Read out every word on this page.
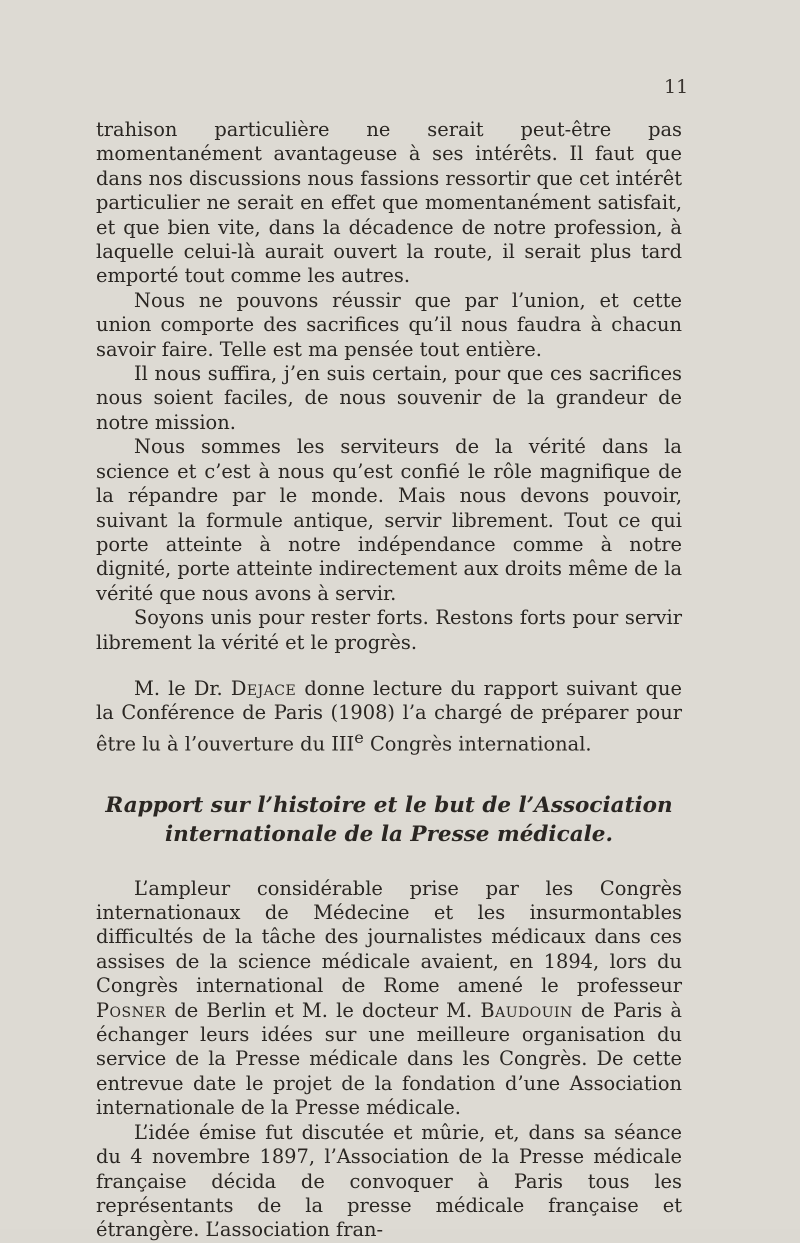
11

trahison particulière ne serait peut-être pas momentanément avantageuse à ses intérêts. Il faut que dans nos discussions nous fassions ressortir que cet intérêt particulier ne serait en effet que momentanément satisfait, et que bien vite, dans la décadence de notre profession, à laquelle celui-là aurait ouvert la route, il serait plus tard emporté tout comme les autres.

Nous ne pouvons réussir que par l’union, et cette union comporte des sacrifices qu’il nous faudra à chacun savoir faire. Telle est ma pensée tout entière.

Il nous suffira, j’en suis certain, pour que ces sacrifices nous soient faciles, de nous souvenir de la grandeur de notre mission.

Nous sommes les serviteurs de la vérité dans la science et c’est à nous qu’est confié le rôle magnifique de la répandre par le monde. Mais nous devons pouvoir, suivant la formule antique, servir librement. Tout ce qui porte atteinte à notre indépendance comme à notre dignité, porte atteinte indirectement aux droits même de la vérité que nous avons à servir.

Soyons unis pour rester forts. Restons forts pour servir librement la vérité et le progrès.

M. le Dr. Dejace donne lecture du rapport suivant que la Conférence de Paris (1908) l’a chargé de préparer pour être lu à l’ouverture du IIIe Congrès international.

Rapport sur l’histoire et le but de l’Association internationale de la Presse médicale.

L’ampleur considérable prise par les Congrès internationaux de Médecine et les insurmontables difficultés de la tâche des journalistes médicaux dans ces assises de la science médicale avaient, en 1894, lors du Congrès international de Rome amené le professeur Posner de Berlin et M. le docteur M. Baudouin de Paris à échanger leurs idées sur une meilleure organisation du service de la Presse médicale dans les Congrès. De cette entrevue date le projet de la fondation d’une Association internationale de la Presse médicale.

L’idée émise fut discutée et mûrie, et, dans sa séance du 4 novembre 1897, l’Association de la Presse médicale française décida de convoquer à Paris tous les représentants de la presse médicale française et étrangère. L’association fran-
